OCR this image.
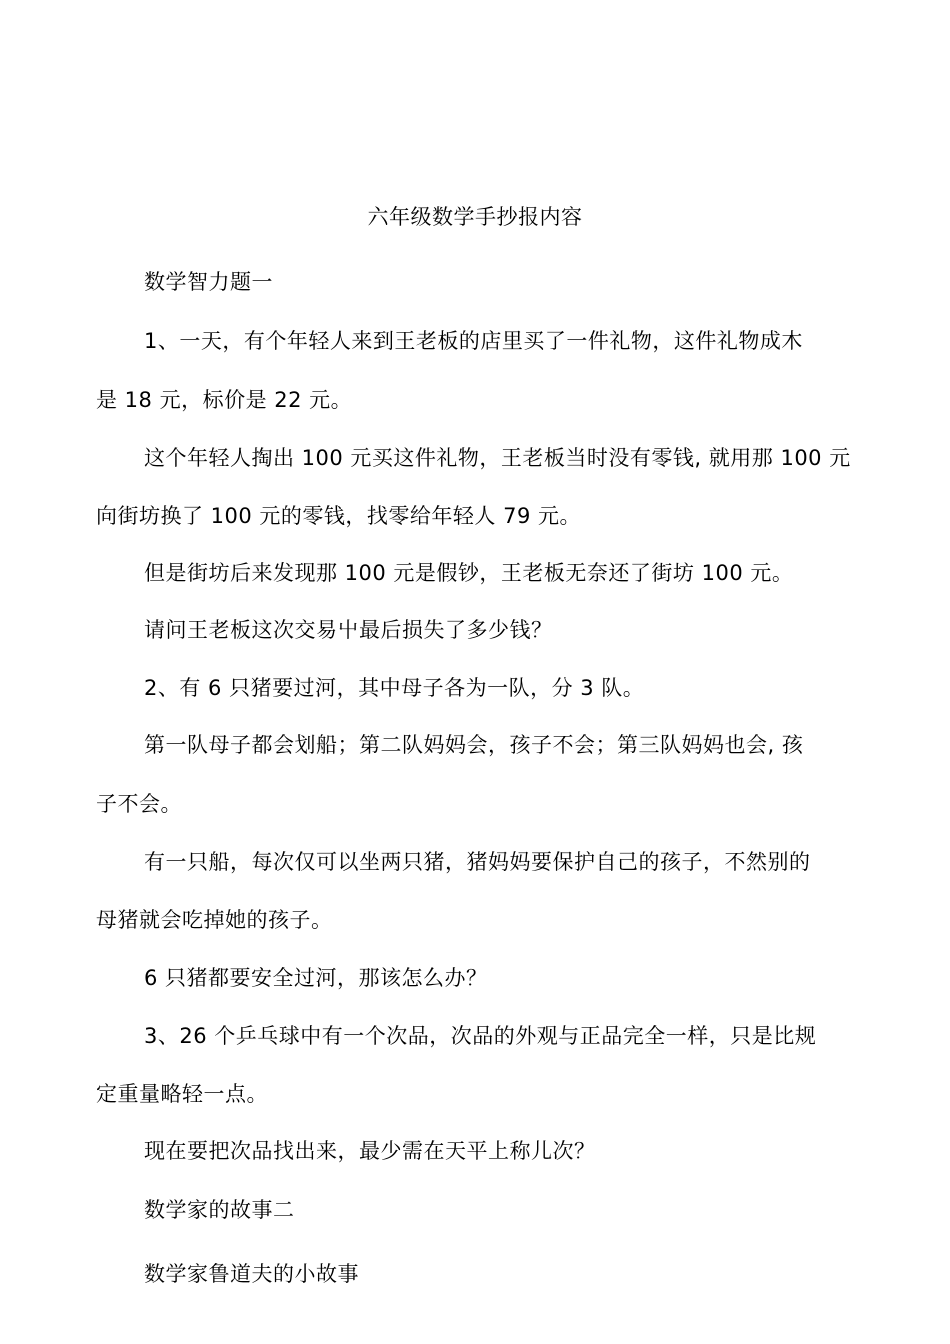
六年级数学手抄报内容
数学智力题一
1、一天，有个年轻人来到王老板的店里买了一件礼物，这件礼物成木
是 18 元，标价是 22 元。
这个年轻人掏出 100 元买这件礼物，王老板当时没有零钱, 就用那 100 元
向街坊换了 100 元的零钱，找零给年轻人 79 元。
但是街坊后来发现那 100 元是假钞，王老板无奈还了街坊 100 元。
请问王老板这次交易屮最后损失了多少钱？
2、有 6 只猪要过河，其中母子各为一队，分 3 队。
第一队母子都会划船；第二队妈妈会，孩子不会；第三队妈妈也会, 孩
子不会。
有一只船，每次仅可以坐两只猪，猪妈妈要保护自己的孩子，不然别的
母猪就会吃掉她的孩子。
6 只猪都要安全过河，那该怎么办？
3、26 个乒乓球中有一个次品，次品的外观与正品完全一样，只是比规
定重量略轻一点。
现在要把次品找出来，最少需在天平上称儿次？
数学家的故事二
数学家鲁道夫的小故事
